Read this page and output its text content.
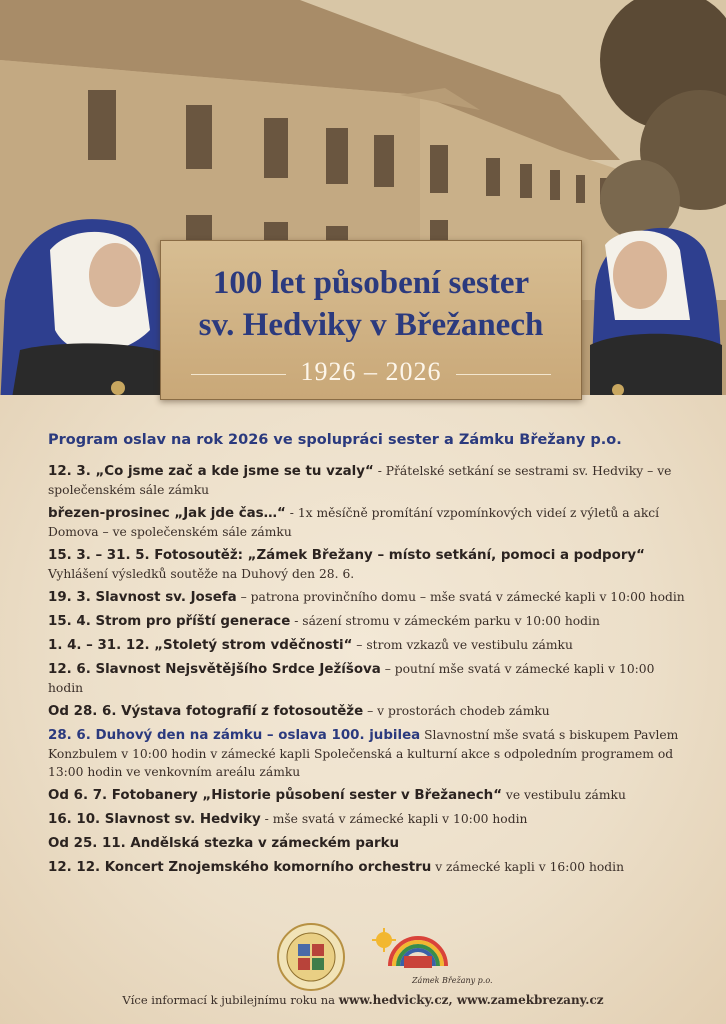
100 let působení sester
sv. Hedviky v Břežanech
1926 – 2026
Program oslav na rok 2026 ve spolupráci sester a Zámku Břežany p.o.
12. 3. „Co jsme zač a kde jsme se tu vzaly“ - Přátelské setkání se sestrami sv. Hedviky – ve společenském sále zámku
březen-prosinec „Jak jde čas…“ - 1x měsíčně promítání vzpomínkových videí z výletů a akcí Domova – ve společenském sále zámku
15. 3. – 31. 5. Fotosoutěž: „Zámek Břežany – místo setkání, pomoci a podpory“ Vyhlášení výsledků soutěže na Duhový den 28. 6.
19. 3. Slavnost sv. Josefa – patrona provinčního domu – mše svatá v zámecké kapli v 10:00 hodin
15. 4. Strom pro příští generace - sázení stromu v zámeckém parku v 10:00 hodin
1. 4. – 31. 12. „Stoletý strom vděčnosti“ – strom vzkazů ve vestibulu zámku
12. 6. Slavnost Nejsvětějšího Srdce Ježíšova – poutní mše svatá v zámecké kapli v 10:00 hodin
Od 28. 6. Výstava fotografií z fotosoutěže – v prostorách chodeb zámku
28. 6. Duhový den na zámku – oslava 100. jubilea Slavnostní mše svatá s biskupem Pavlem Konzbulem v 10:00 hodin v zámecké kapli Společenská a kulturní akce s odpoledním programem od 13:00 hodin ve venkovním areálu zámku
Od 6. 7. Fotobanery „Historie působení sester v Břežanech“ ve vestibulu zámku
16. 10. Slavnost sv. Hedviky - mše svatá v zámecké kapli v 10:00 hodin
Od 25. 11. Andělská stezka v zámeckém parku
12. 12. Koncert Znojemského komorního orchestru v zámecké kapli v 16:00 hodin
Zámek Břežany p.o.
Více informací k jubilejnímu roku na www.hedvicky.cz, www.zamekbrezany.cz
